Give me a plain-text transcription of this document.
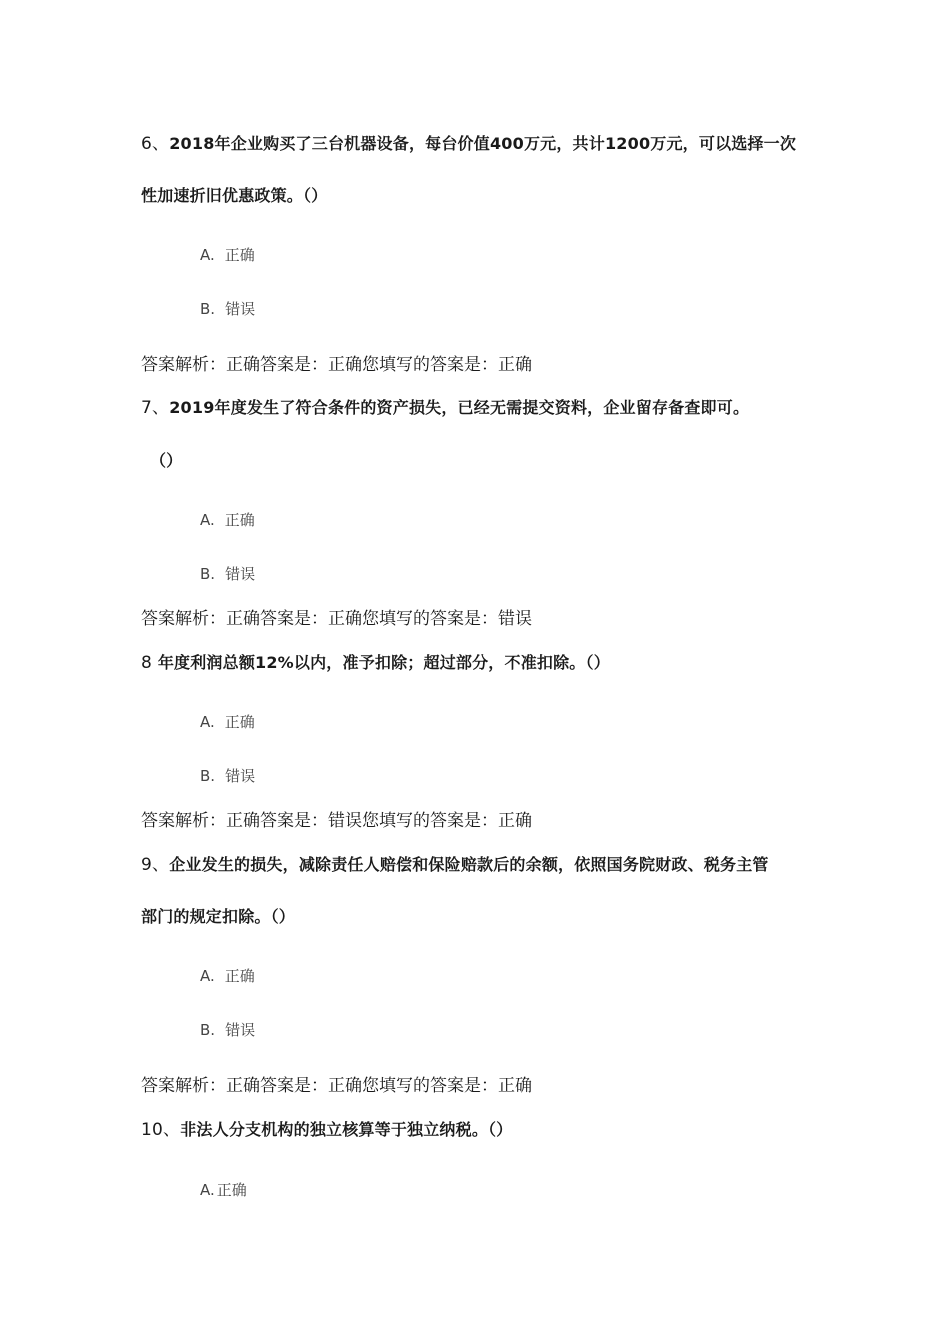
6、2018年企业购买了三台机器设备，每台价值400万元，共计1200万元，可以选择一次
性加速折旧优惠政策。（）
A. 正确
B. 错误
答案解析：正确答案是：正确您填写的答案是：正确
7、2019年度发生了符合条件的资产损失，已经无需提交资料，企业留存备查即可。
（）
A. 正确
B. 错误
答案解析：正确答案是：正确您填写的答案是：错误
8 年度利润总额12%以内，准予扣除；超过部分，不准扣除。（）
A. 正确
B. 错误
答案解析：正确答案是：错误您填写的答案是：正确
9、企业发生的损失，减除责任人赔偿和保险赔款后的余额，依照国务院财政、税务主管
部门的规定扣除。（）
A. 正确
B. 错误
答案解析：正确答案是：正确您填写的答案是：正确
10、非法人分支机构的独立核算等于独立纳税。（）
A. 正确
